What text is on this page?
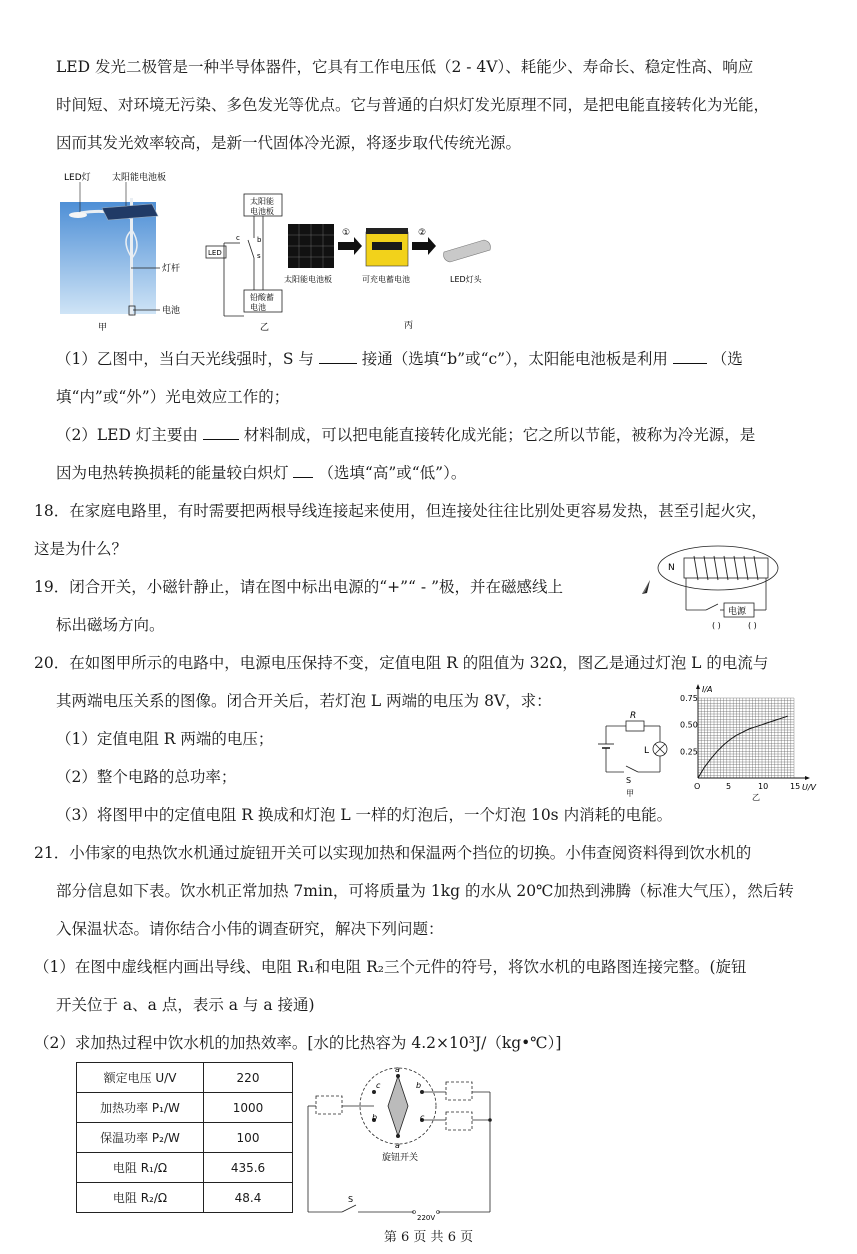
LED 发光二极管是一种半导体器件，它具有工作电压低（2 - 4V）、耗能少、寿命长、稳定性高、响应
时间短、对环境无污染、多色发光等优点。它与普通的白炽灯发光原理不同，是把电能直接转化为光能，
因而其发光效率较高，是新一代固体冷光源，将逐步取代传统光源。
LED灯 太阳能电池板
灯杆
电池
甲
太阳能
电池板
铅酸蓄
电池
LED
c b
s
乙
①	②
太阳能电池板	可充电蓄电池	LED灯头
丙
（1）乙图中，当白天光线强时，S 与	接通（选填“b”或“c”），太阳能电池板是利用	（选
填“内”或“外”）光电效应工作的；
（2）LED 灯主要由	材料制成，可以把电能直接转化成光能；它之所以节能，被称为冷光源，是
因为电热转换损耗的能量较白炽灯 （选填“高”或“低”）。
18．在家庭电路里，有时需要把两根导线连接起来使用，但连接处往往比别处更容易发热，甚至引起火灾，
这是为什么？
19．闭合开关，小磁针静止，请在图中标出电源的“+”“ - ”极，并在磁感线上
标出磁场方向。
N
电源
( )	( )
20．在如图甲所示的电路中，电源电压保持不变，定值电阻 R 的阻值为 32Ω，图乙是通过灯泡 L 的电流与
其两端电压关系的图像。闭合开关后，若灯泡 L 两端的电压为 8V，求：
（1）定值电阻 R 两端的电压；
（2）整个电路的总功率；
（3）将图甲中的定值电阻 R 换成和灯泡 L 一样的灯泡后，一个灯泡 10s 内消耗的电能。
R
L
S
甲
O	5	10	15
0.25
0.50
0.75
U/V
I/A
乙
21．小伟家的电热饮水机通过旋钮开关可以实现加热和保温两个挡位的切换。小伟查阅资料得到饮水机的
部分信息如下表。饮水机正常加热 7min，可将质量为 1kg 的水从 20℃加热到沸腾（标准大气压），然后转
入保温状态。请你结合小伟的调查研究，解决下列问题：
（1）在图中虚线框内画出导线、电阻 R₁和电阻 R₂三个元件的符号，将饮水机的电路图连接完整。(旋钮
开关位于 a、a 点，表示 a 与 a 接通)
（2）求加热过程中饮水机的加热效率。[水的比热容为 4.2×10³J/（kg•℃）]
额定电压 U/V	220
加热功率 P₁/W	1000
保温功率 P₂/W	100
电阻 R₁/Ω	435.6
电阻 R₂/Ω	48.4
a
a
c
b
b
c
旋钮开关
S
220V
第 6 页 共 6 页
